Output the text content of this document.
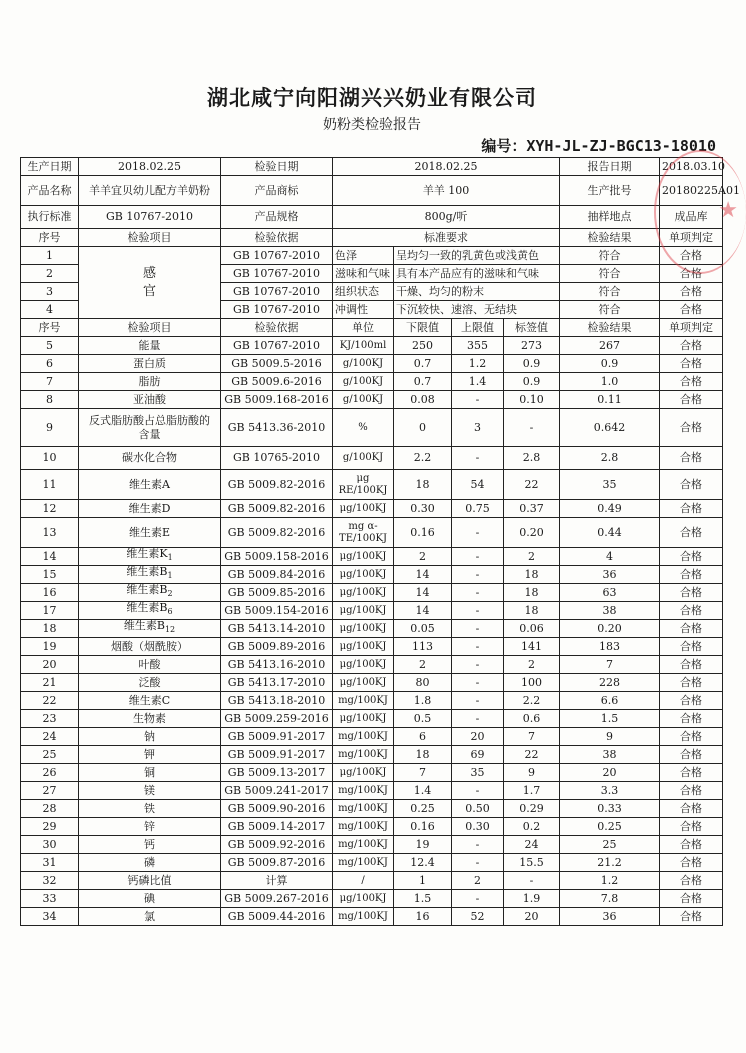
湖北咸宁向阳湖兴兴奶业有限公司
奶粉类检验报告
编号：XYH-JL-ZJ-BGC13-18010
生产日期	2018.02.25	检验日期	2018.02.25				报告日期	2018.03.10
产品名称	羊羊宜贝幼儿配方羊奶粉	产品商标	羊羊 100				生产批号	20180225A01
执行标准	GB 10767-2010	产品规格	800g/听				抽样地点	成品库
序号	检验项目	检验依据	标准要求				检验结果	单项判定
1	感官	GB 10767-2010	色泽	呈均匀一致的乳黄色或浅黄色			符合	合格
2		GB 10767-2010	滋味和气味	具有本产品应有的滋味和气味			符合	合格
3		GB 10767-2010	组织状态	干燥、均匀的粉末			符合	合格
4		GB 10767-2010	冲调性	下沉较快、速溶、无结块			符合	合格
序号	检验项目	检验依据	单位	下限值	上限值	标签值	检验结果	单项判定
5	能量	GB 10767-2010	KJ/100ml	250	355	273	267	合格
6	蛋白质	GB 5009.5-2016	g/100KJ	0.7	1.2	0.9	0.9	合格
7	脂肪	GB 5009.6-2016	g/100KJ	0.7	1.4	0.9	1.0	合格
8	亚油酸	GB 5009.168-2016	g/100KJ	0.08	-	0.10	0.11	合格
9	反式脂肪酸占总脂肪酸的含量	GB 5413.36-2010	%	0	3	-	0.642	合格
10	碳水化合物	GB 10765-2010	g/100KJ	2.2	-	2.8	2.8	合格
11	维生素A	GB 5009.82-2016	μg RE/100KJ	18	54	22	35	合格
12	维生素D	GB 5009.82-2016	μg/100KJ	0.30	0.75	0.37	0.49	合格
13	维生素E	GB 5009.82-2016	mg α-TE/100KJ	0.16	-	0.20	0.44	合格
14	维生素$K_1$	GB 5009.158-2016	μg/100KJ	2	-	2	4	合格
15	维生素$B_1$	GB 5009.84-2016	μg/100KJ	14	-	18	36	合格
16	维生素$B_2$	GB 5009.85-2016	μg/100KJ	14	-	18	63	合格
17	维生素$B_6$	GB 5009.154-2016	μg/100KJ	14	-	18	38	合格
18	维生素$B_{12}$	GB 5413.14-2010	μg/100KJ	0.05	-	0.06	0.20	合格
19	烟酸（烟酰胺）	GB 5009.89-2016	μg/100KJ	113	-	141	183	合格
20	叶酸	GB 5413.16-2010	μg/100KJ	2	-	2	7	合格
21	泛酸	GB 5413.17-2010	μg/100KJ	80	-	100	228	合格
22	维生素C	GB 5413.18-2010	mg/100KJ	1.8	-	2.2	6.6	合格
23	生物素	GB 5009.259-2016	μg/100KJ	0.5	-	0.6	1.5	合格
24	钠	GB 5009.91-2017	mg/100KJ	6	20	7	9	合格
25	钾	GB 5009.91-2017	mg/100KJ	18	69	22	38	合格
26	铜	GB 5009.13-2017	μg/100KJ	7	35	9	20	合格
27	镁	GB 5009.241-2017	mg/100KJ	1.4	-	1.7	3.3	合格
28	铁	GB 5009.90-2016	mg/100KJ	0.25	0.50	0.29	0.33	合格
29	锌	GB 5009.14-2017	mg/100KJ	0.16	0.30	0.2	0.25	合格
30	钙	GB 5009.92-2016	mg/100KJ	19	-	24	25	合格
31	磷	GB 5009.87-2016	mg/100KJ	12.4	-	15.5	21.2	合格
32	钙磷比值	计算	/	1	2	-	1.2	合格
33	碘	GB 5009.267-2016	μg/100KJ	1.5	-	1.9	7.8	合格
34	氯	GB 5009.44-2016	mg/100KJ	16	52	20	36	合格
★
